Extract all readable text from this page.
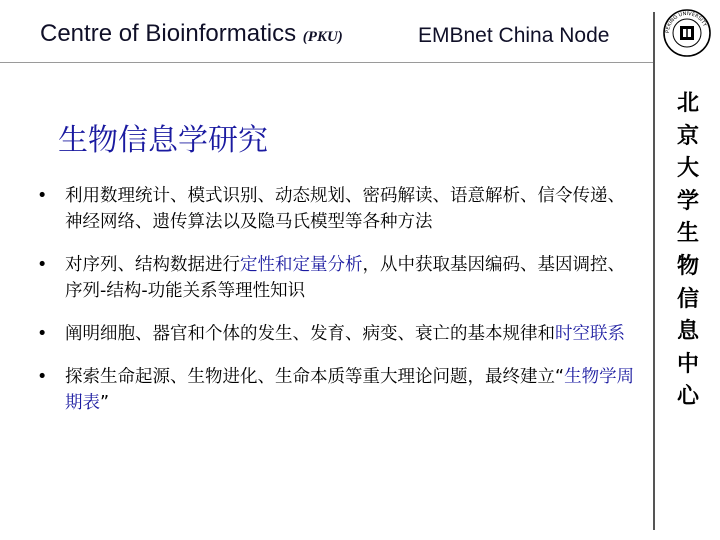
Centre of Bioinformatics (PKU)	EMBnet China Node	PEKING UNIVERSITY
北
京
大
学
生
物
信
息
中
心
生物信息学研究
• 利用数理统计、模式识别、动态规划、密码解读、语意解析、信令传递、神经网络、遗传算法以及隐马氏模型等各种方法
• 对序列、结构数据进行定性和定量分析，从中获取基因编码、基因调控、序列-结构-功能关系等理性知识
• 阐明细胞、器官和个体的发生、发育、病变、衰亡的基本规律和时空联系
• 探索生命起源、生物进化、生命本质等重大理论问题，最终建立“生物学周期表”
